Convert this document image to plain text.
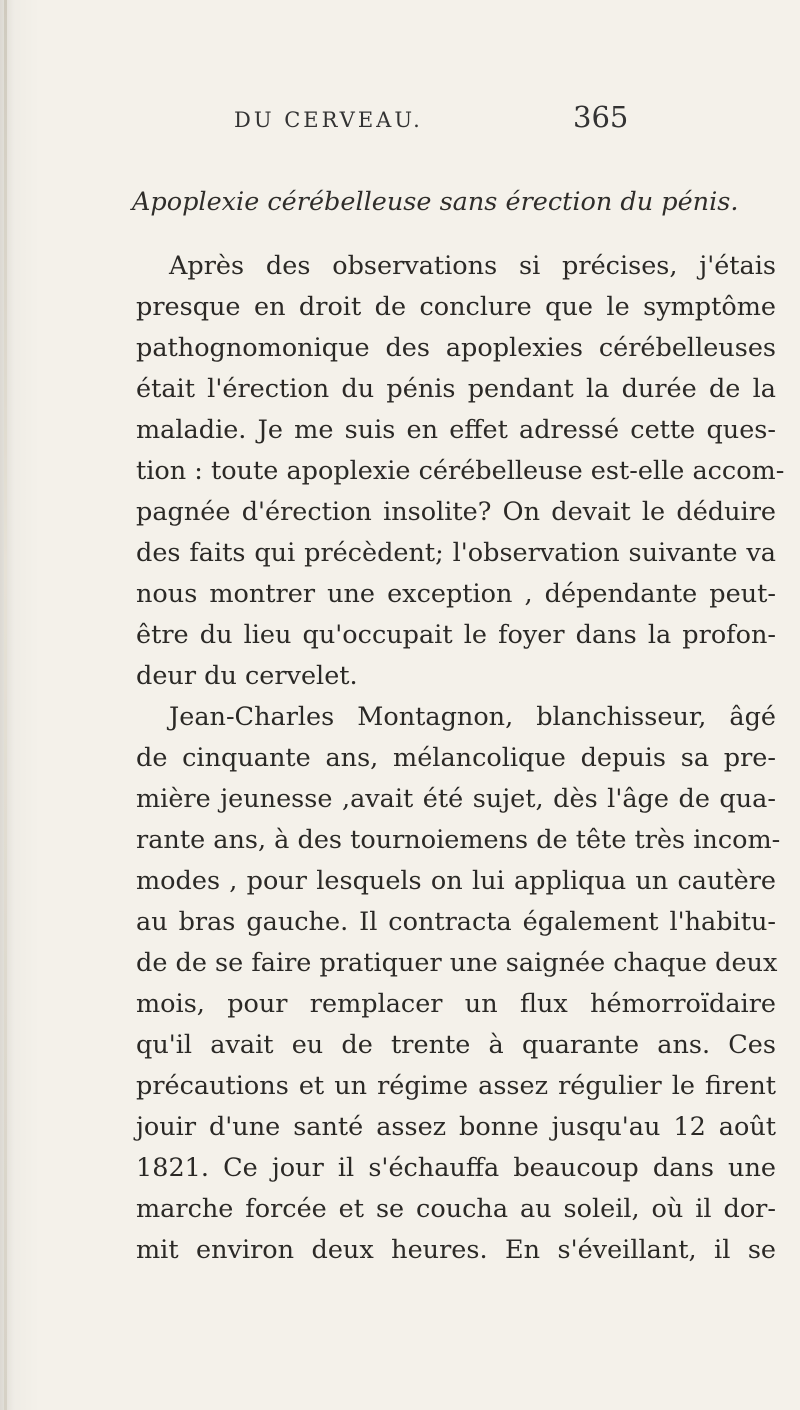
DU CERVEAU.	365
Apoplexie cérébelleuse sans érection du pénis.
Après des observations si précises, j'étais
presque en droit de conclure que le symptôme
pathognomonique des apoplexies cérébelleuses
était l'érection du pénis pendant la durée de la
maladie. Je me suis en effet adressé cette ques-
tion : toute apoplexie cérébelleuse est-elle accom-
pagnée d'érection insolite? On devait le déduire
des faits qui précèdent; l'observation suivante va
nous montrer une exception , dépendante peut-
être du lieu qu'occupait le foyer dans la profon-
deur du cervelet.
Jean-Charles Montagnon, blanchisseur, âgé
de cinquante ans, mélancolique depuis sa pre-
mière jeunesse ,avait été sujet, dès l'âge de qua-
rante ans, à des tournoiemens de tête très incom-
modes , pour lesquels on lui appliqua un cautère
au bras gauche. Il contracta également l'habitu-
de de se faire pratiquer une saignée chaque deux
mois, pour remplacer un flux hémorroïdaire
qu'il avait eu de trente à quarante ans. Ces
précautions et un régime assez régulier le firent
jouir d'une santé assez bonne jusqu'au 12 août
1821. Ce jour il s'échauffa beaucoup dans une
marche forcée et se coucha au soleil, où il dor-
mit environ deux heures. En s'éveillant, il se
